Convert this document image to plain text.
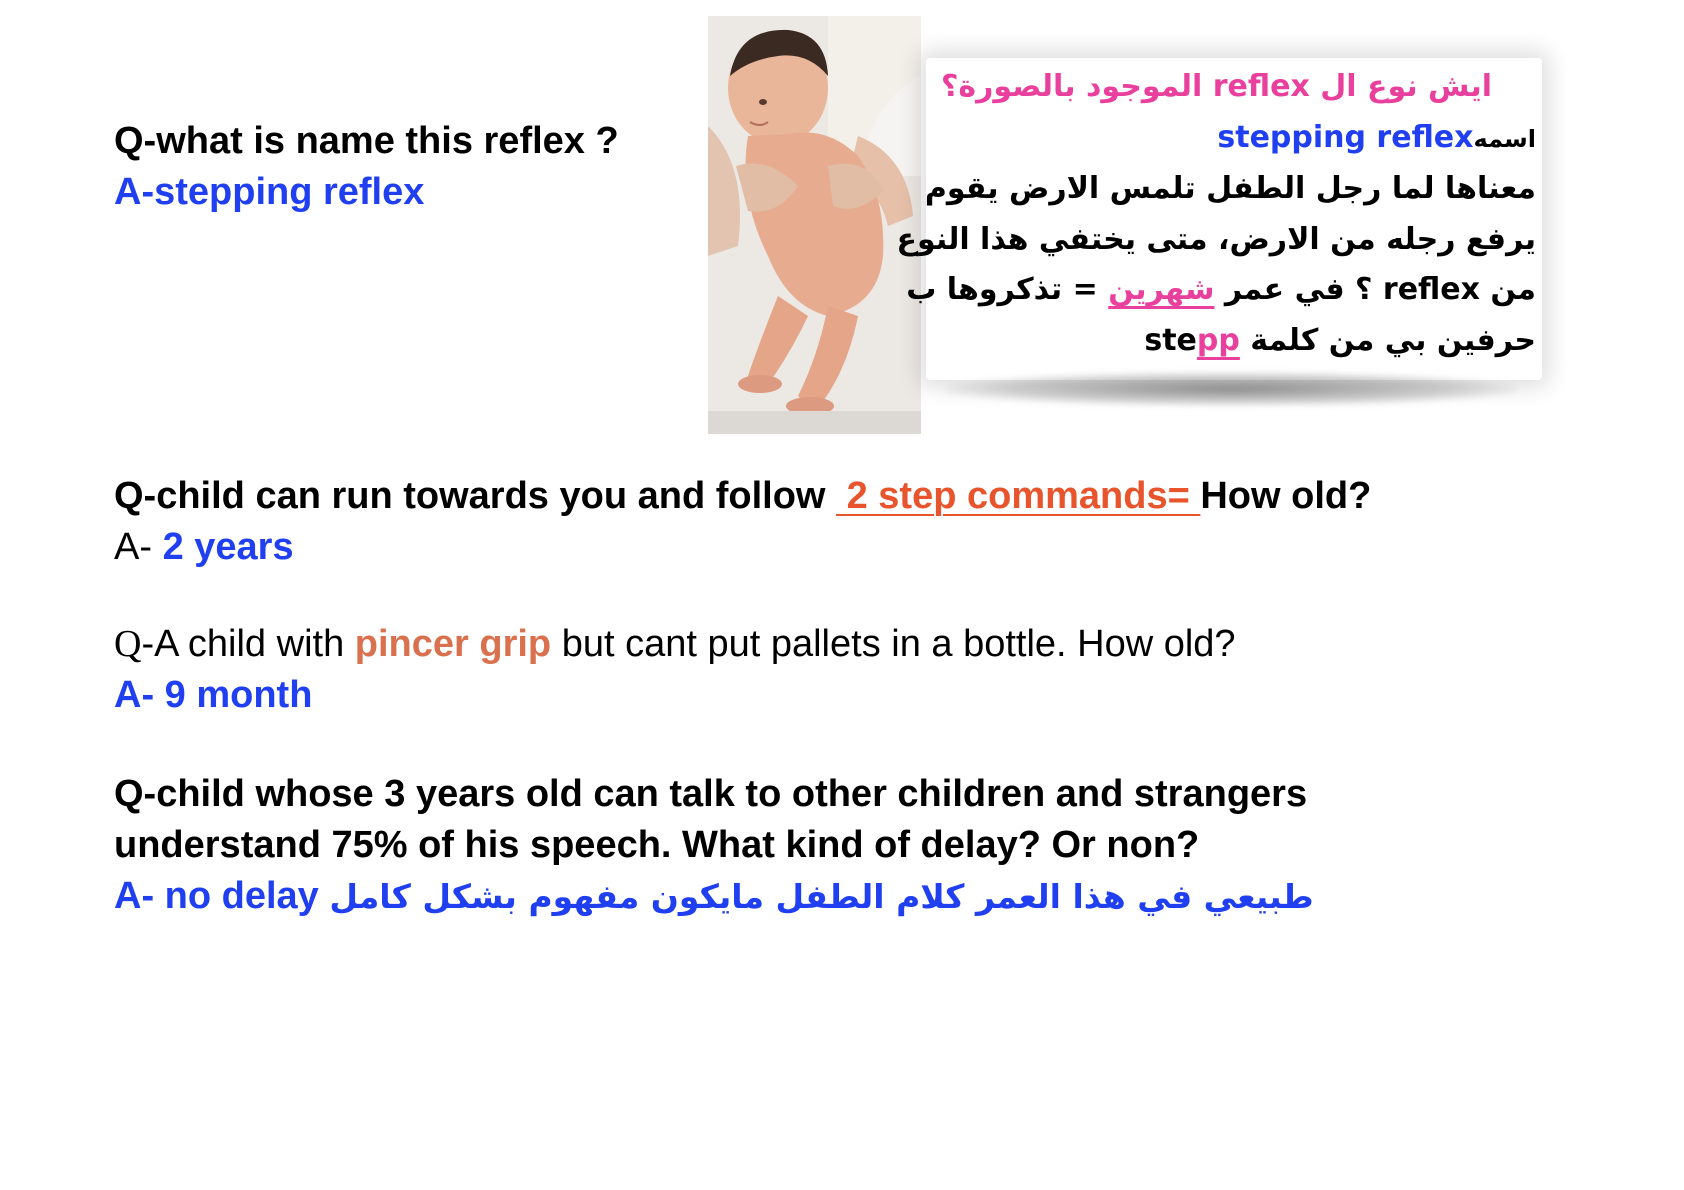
Q-what is name this reflex ?
A-stepping reflex
ايش نوع ال reflex الموجود بالصورة؟
اسمهstepping reflex
معناها لما رجل الطفل تلمس الارض يقوم
يرفع رجله من الارض، متى يختفي هذا النوع
من reflex ؟ في عمر شهرين = تذكروها ب
حرفين بي من كلمة stepp
Q-child can run towards you and follow  2 step commands= How old?
A- 2 years
Q-A child with pincer grip but cant put pallets in a bottle. How old?
A- 9 month
Q-child whose 3 years old can talk to other children and strangers
understand 75% of his speech. What kind of delay? Or non?
A- no delay طبيعي في هذا العمر كلام الطفل مايكون مفهوم بشكل كامل
